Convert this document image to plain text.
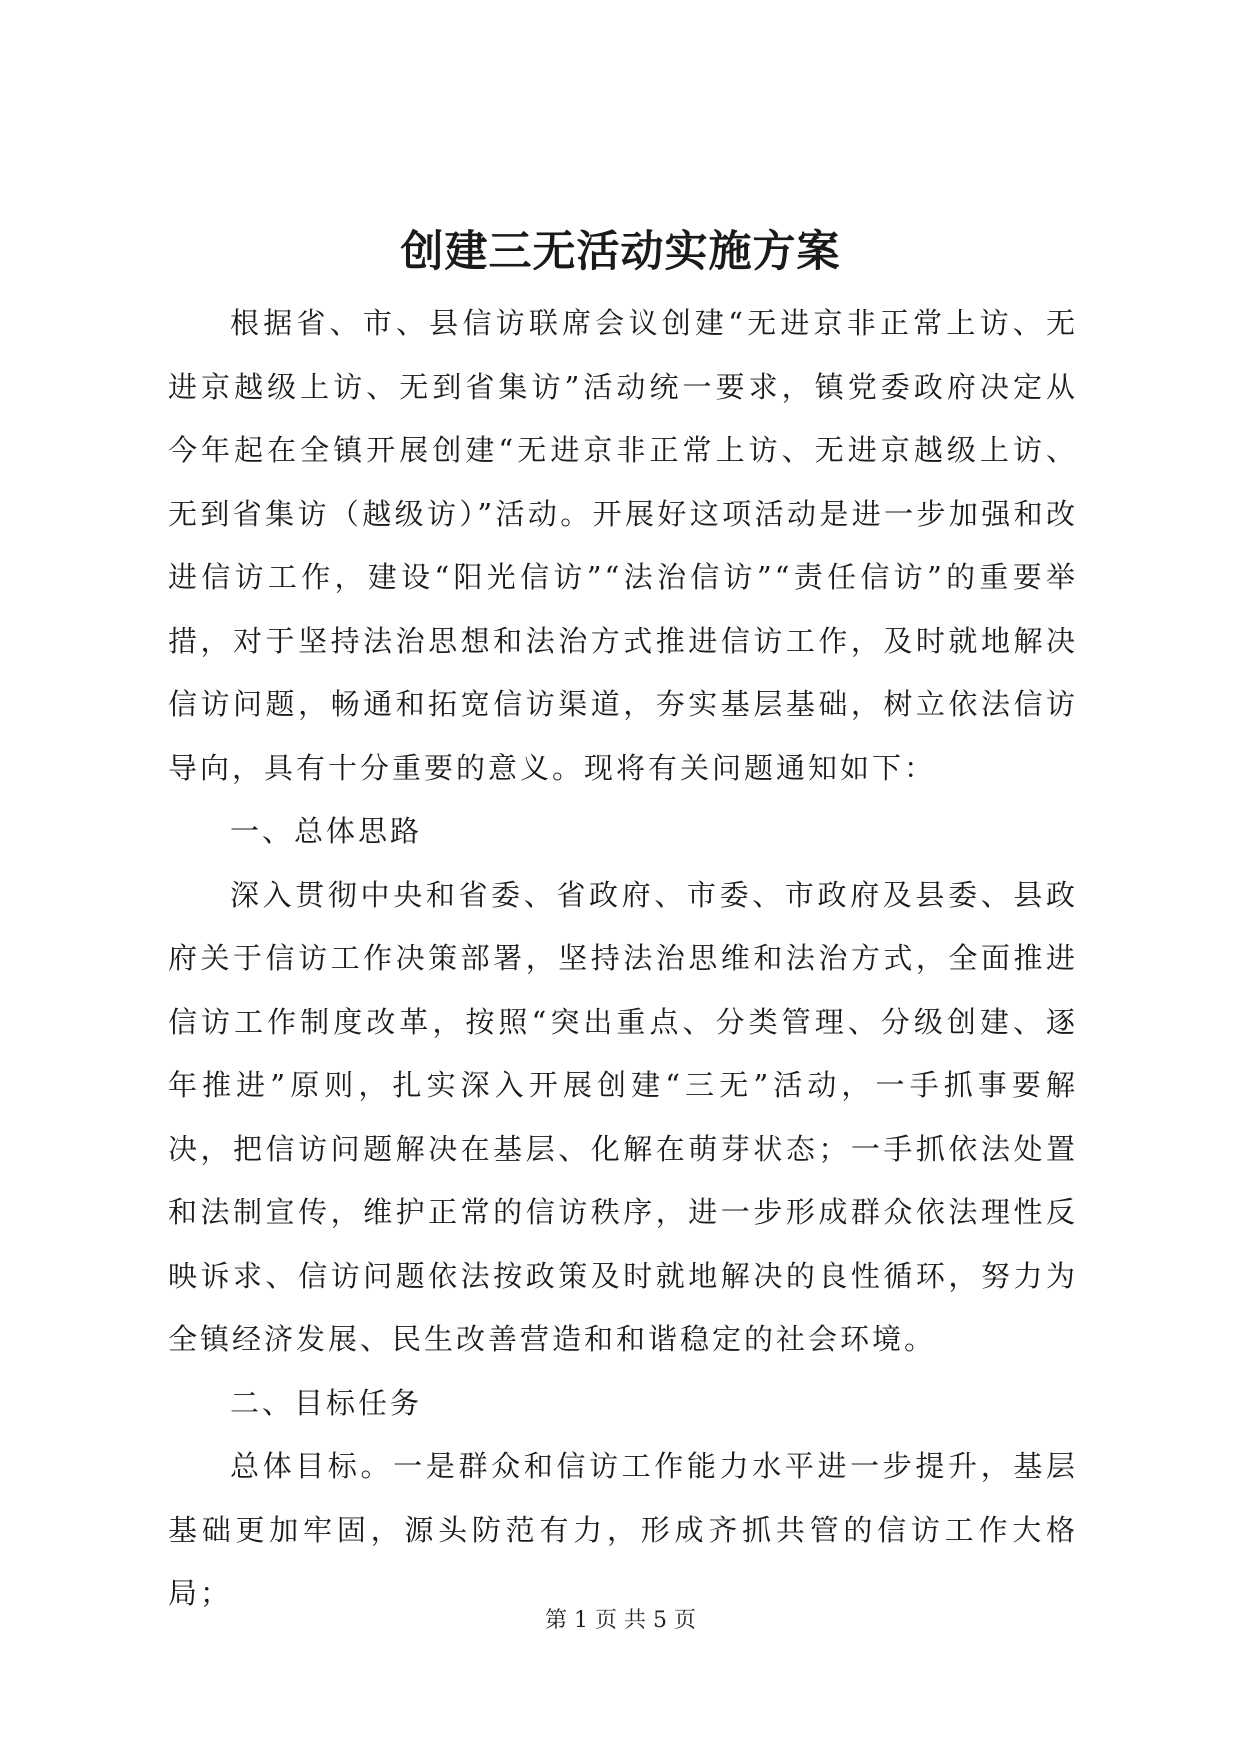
创建三无活动实施方案

根据省、市、县信访联席会议创建“无进京非正常上访、无进京越级上访、无到省集访”活动统一要求，镇党委政府决定从今年起在全镇开展创建“无进京非正常上访、无进京越级上访、无到省集访（越级访）”活动。开展好这项活动是进一步加强和改进信访工作，建设“阳光信访”“法治信访”“责任信访”的重要举措，对于坚持法治思想和法治方式推进信访工作，及时就地解决信访问题，畅通和拓宽信访渠道，夯实基层基础，树立依法信访导向，具有十分重要的意义。现将有关问题通知如下：

一、总体思路

深入贯彻中央和省委、省政府、市委、市政府及县委、县政府关于信访工作决策部署，坚持法治思维和法治方式，全面推进信访工作制度改革，按照“突出重点、分类管理、分级创建、逐年推进”原则，扎实深入开展创建“三无”活动，一手抓事要解决，把信访问题解决在基层、化解在萌芽状态；一手抓依法处置和法制宣传，维护正常的信访秩序，进一步形成群众依法理性反映诉求、信访问题依法按政策及时就地解决的良性循环，努力为全镇经济发展、民生改善营造和和谐稳定的社会环境。

二、目标任务

总体目标。一是群众和信访工作能力水平进一步提升，基层基础更加牢固，源头防范有力，形成齐抓共管的信访工作大格局；

第 1 页 共 5 页
